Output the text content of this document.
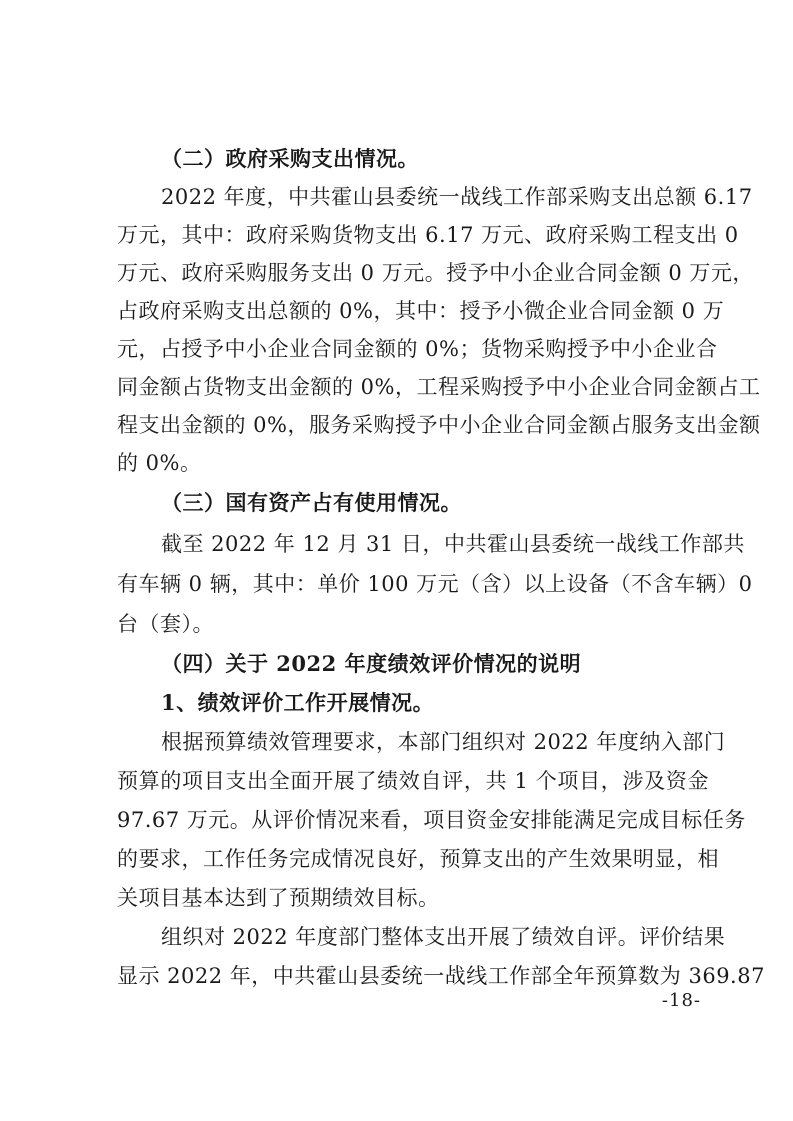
（二）政府采购支出情况。

2022 年度，中共霍山县委统一战线工作部采购支出总额 6.17

万元，其中：政府采购货物支出 6.17 万元、政府采购工程支出 0

万元、政府采购服务支出 0 万元。授予中小企业合同金额 0 万元，

占政府采购支出总额的 0%，其中：授予小微企业合同金额 0 万

元，占授予中小企业合同金额的 0%；货物采购授予中小企业合

同金额占货物支出金额的 0%，工程采购授予中小企业合同金额占工

程支出金额的 0%，服务采购授予中小企业合同金额占服务支出金额

的 0%。

（三）国有资产占有使用情况。

截至 2022 年 12 月 31 日，中共霍山县委统一战线工作部共

有车辆 0 辆，其中：单价 100 万元（含）以上设备（不含车辆）0

台（套）。

（四）关于 2022 年度绩效评价情况的说明

1、绩效评价工作开展情况。

根据预算绩效管理要求，本部门组织对 2022 年度纳入部门

预算的项目支出全面开展了绩效自评，共 1 个项目，涉及资金

97.67 万元。从评价情况来看，项目资金安排能满足完成目标任务

的要求，工作任务完成情况良好，预算支出的产生效果明显，相

关项目基本达到了预期绩效目标。

组织对 2022 年度部门整体支出开展了绩效自评。评价结果

显示 2022 年，中共霍山县委统一战线工作部全年预算数为 369.87

-18-
